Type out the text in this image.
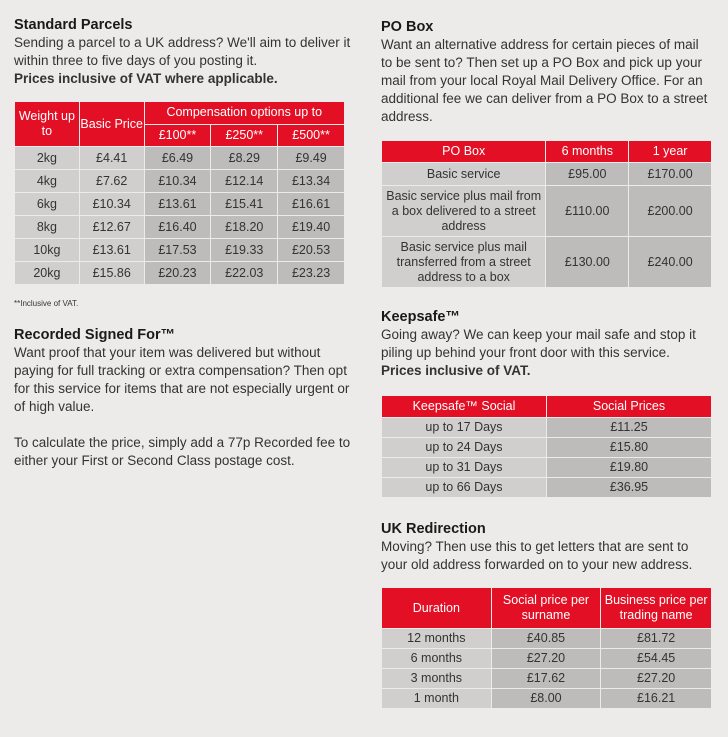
Standard Parcels

Sending a parcel to a UK address? We'll aim to deliver it within three to five days of you posting it.

Prices inclusive of VAT where applicable.

Weight up to	Basic Price	Compensation options up to		
		£100**	£250**	£500**
2kg	£4.41	£6.49	£8.29	£9.49
4kg	£7.62	£10.34	£12.14	£13.34
6kg	£10.34	£13.61	£15.41	£16.61
8kg	£12.67	£16.40	£18.20	£19.40
10kg	£13.61	£17.53	£19.33	£20.53
20kg	£15.86	£20.23	£22.03	£23.23
**Inclusive of VAT.
Recorded Signed For™

Want proof that your item was delivered but without paying for full tracking or extra compensation? Then opt for this service for items that are not especially urgent or of high value.

To calculate the price, simply add a 77p Recorded fee to either your First or Second Class postage cost.

PO Box

Want an alternative address for certain pieces of mail to be sent to? Then set up a PO Box and pick up your mail from your local Royal Mail Delivery Office. For an additional fee we can deliver from a PO Box to a street address.

PO Box	6 months	1 year
Basic service	£95.00	£170.00
Basic service plus mail from a box delivered to a street address	£110.00	£200.00
Basic service plus mail transferred from a street address to a box	£130.00	£240.00
Keepsafe™

Going away? We can keep your mail safe and stop it piling up behind your front door with this service.

Prices inclusive of VAT.

Keepsafe™ Social	Social Prices
up to 17 Days	£11.25
up to 24 Days	£15.80
up to 31 Days	£19.80
up to 66 Days	£36.95
UK Redirection

Moving? Then use this to get letters that are sent to your old address forwarded on to your new address.

Duration	Social price per surname	Business price per trading name
12 months	£40.85	£81.72
6 months	£27.20	£54.45
3 months	£17.62	£27.20
1 month	£8.00	£16.21
